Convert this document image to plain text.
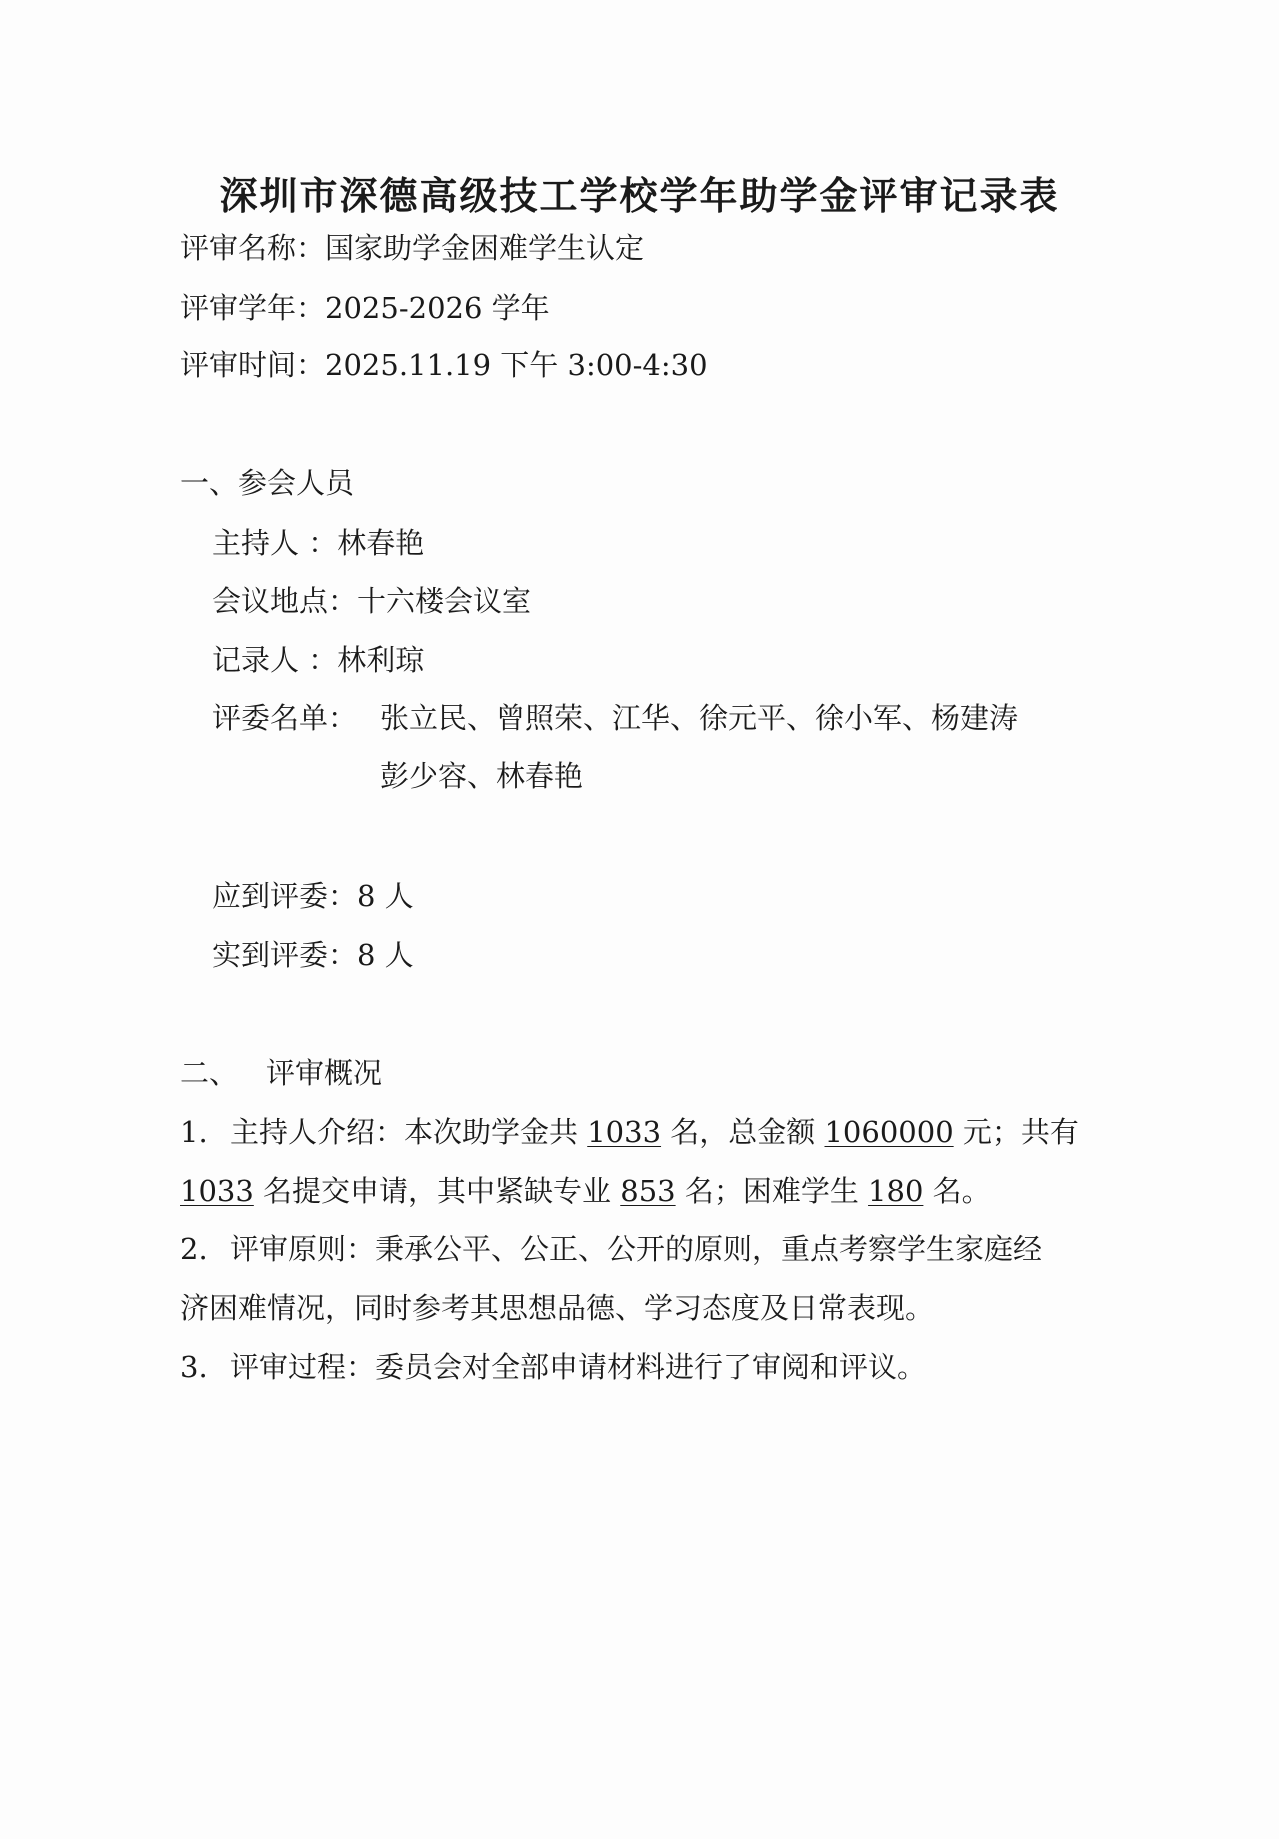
深圳市深德高级技工学校学年助学金评审记录表
评审名称：国家助学金困难学生认定
评审学年：2025-2026 学年
评审时间：2025.11.19 下午 3:00-4:30
一、参会人员
主持人 ：林春艳
会议地点：十六楼会议室
记录人 ：林利琼
评委名单： 张立民、曾照荣、江华、徐元平、徐小军、杨建涛
彭少容、林春艳
应到评委：8 人
实到评委：8 人
二、 评审概况
1. 主持人介绍：本次助学金共 1033 名，总金额 1060000 元；共有
1033 名提交申请，其中紧缺专业 853 名；困难学生 180 名。
2. 评审原则：秉承公平、公正、公开的原则，重点考察学生家庭经
济困难情况，同时参考其思想品德、学习态度及日常表现。
3. 评审过程：委员会对全部申请材料进行了审阅和评议。
